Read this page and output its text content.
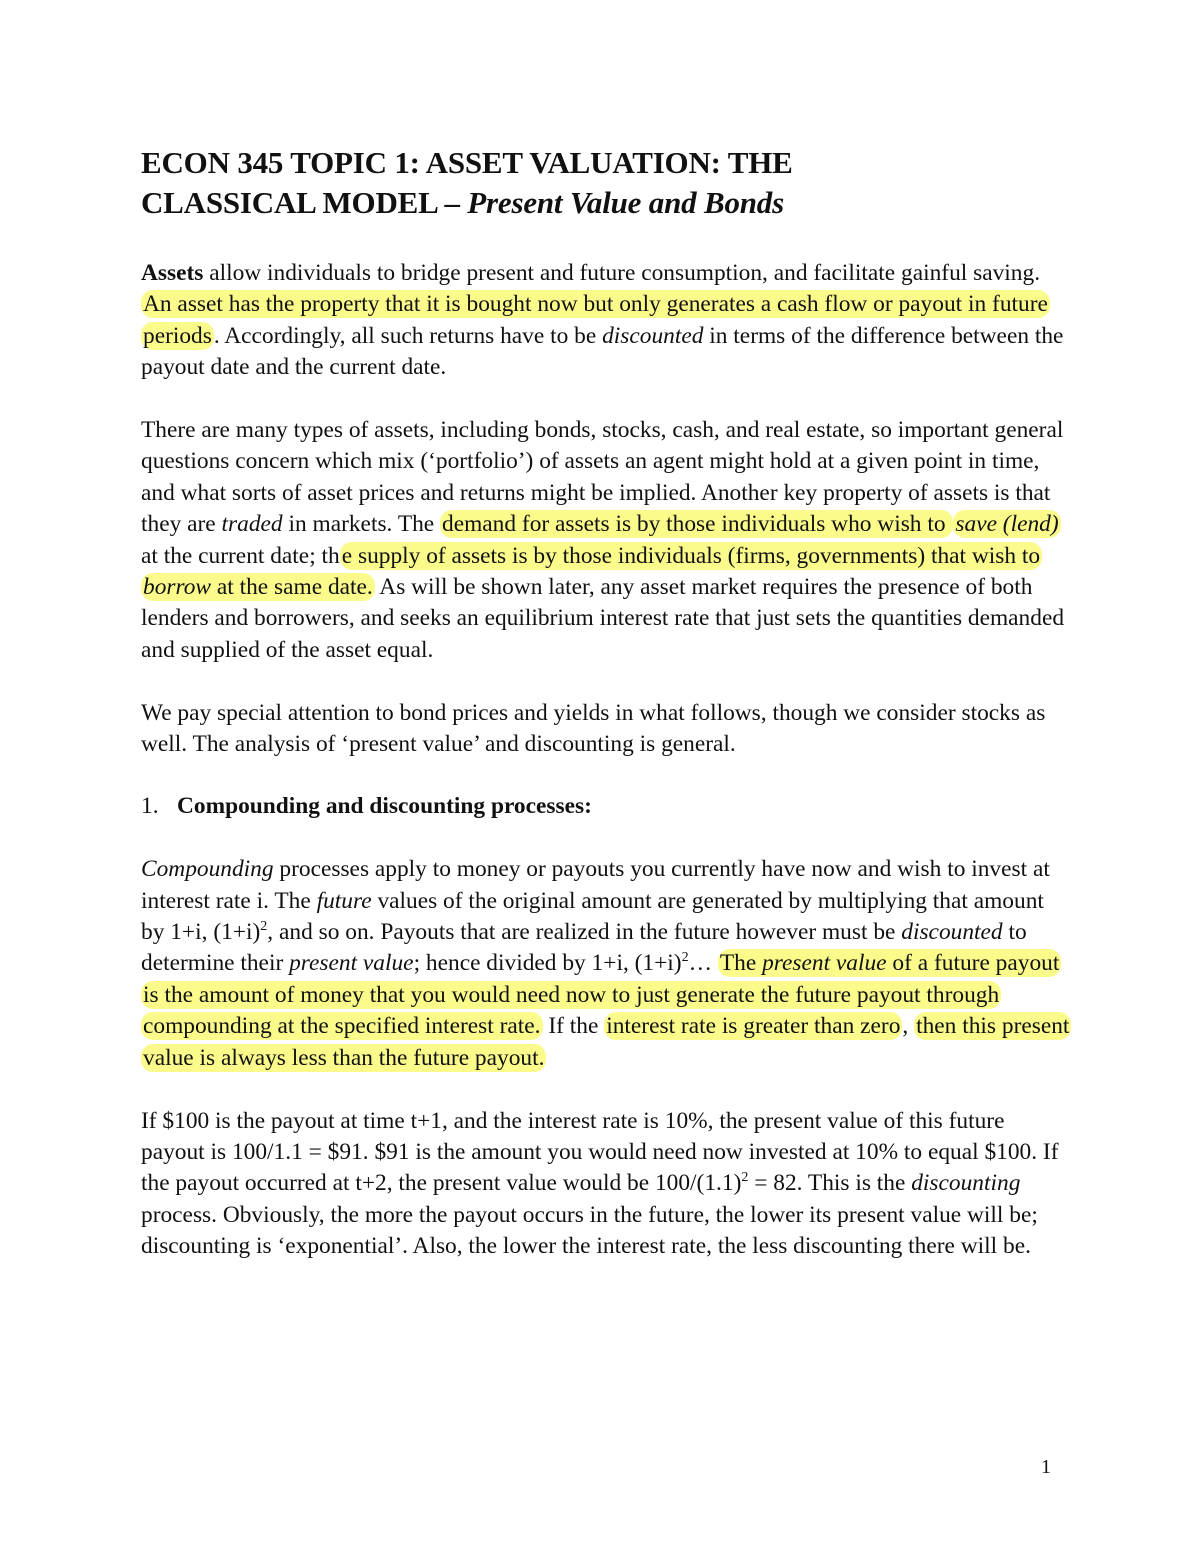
ECON 345 TOPIC 1: ASSET VALUATION: THE
CLASSICAL MODEL – Present Value and Bonds

Assets allow individuals to bridge present and future consumption, and facilitate gainful saving. An asset has the property that it is bought now but only generates a cash flow or payout in future periods. Accordingly, all such returns have to be discounted in terms of the difference between the payout date and the current date.

There are many types of assets, including bonds, stocks, cash, and real estate, so important general questions concern which mix (‘portfolio’) of assets an agent might hold at a given point in time, and what sorts of asset prices and returns might be implied. Another key property of assets is that they are traded in markets. The demand for assets is by those individuals who wish to save (lend) at the current date; the supply of assets is by those individuals (firms, governments) that wish to borrow at the same date. As will be shown later, any asset market requires the presence of both lenders and borrowers, and seeks an equilibrium interest rate that just sets the quantities demanded and supplied of the asset equal.

We pay special attention to bond prices and yields in what follows, though we consider stocks as well. The analysis of ‘present value’ and discounting is general.

1. Compounding and discounting processes:

Compounding processes apply to money or payouts you currently have now and wish to invest at interest rate i. The future values of the original amount are generated by multiplying that amount by 1+i, $(1+i)^2$, and so on. Payouts that are realized in the future however must be discounted to determine their present value; hence divided by 1+i, $(1+i)^2\dots$ The present value of a future payout is the amount of money that you would need now to just generate the future payout through compounding at the specified interest rate. If the interest rate is greater than zero, then this present value is always less than the future payout.

If $100 is the payout at time t+1, and the interest rate is 10%, the present value of this future payout is 100/1.1 = $91. $91 is the amount you would need now invested at 10% to equal $100. If the payout occurred at t+2, the present value would be $100/(1.1)^2 = 82$. This is the discounting process. Obviously, the more the payout occurs in the future, the lower its present value will be; discounting is ‘exponential’. Also, the lower the interest rate, the less discounting there will be.

1
